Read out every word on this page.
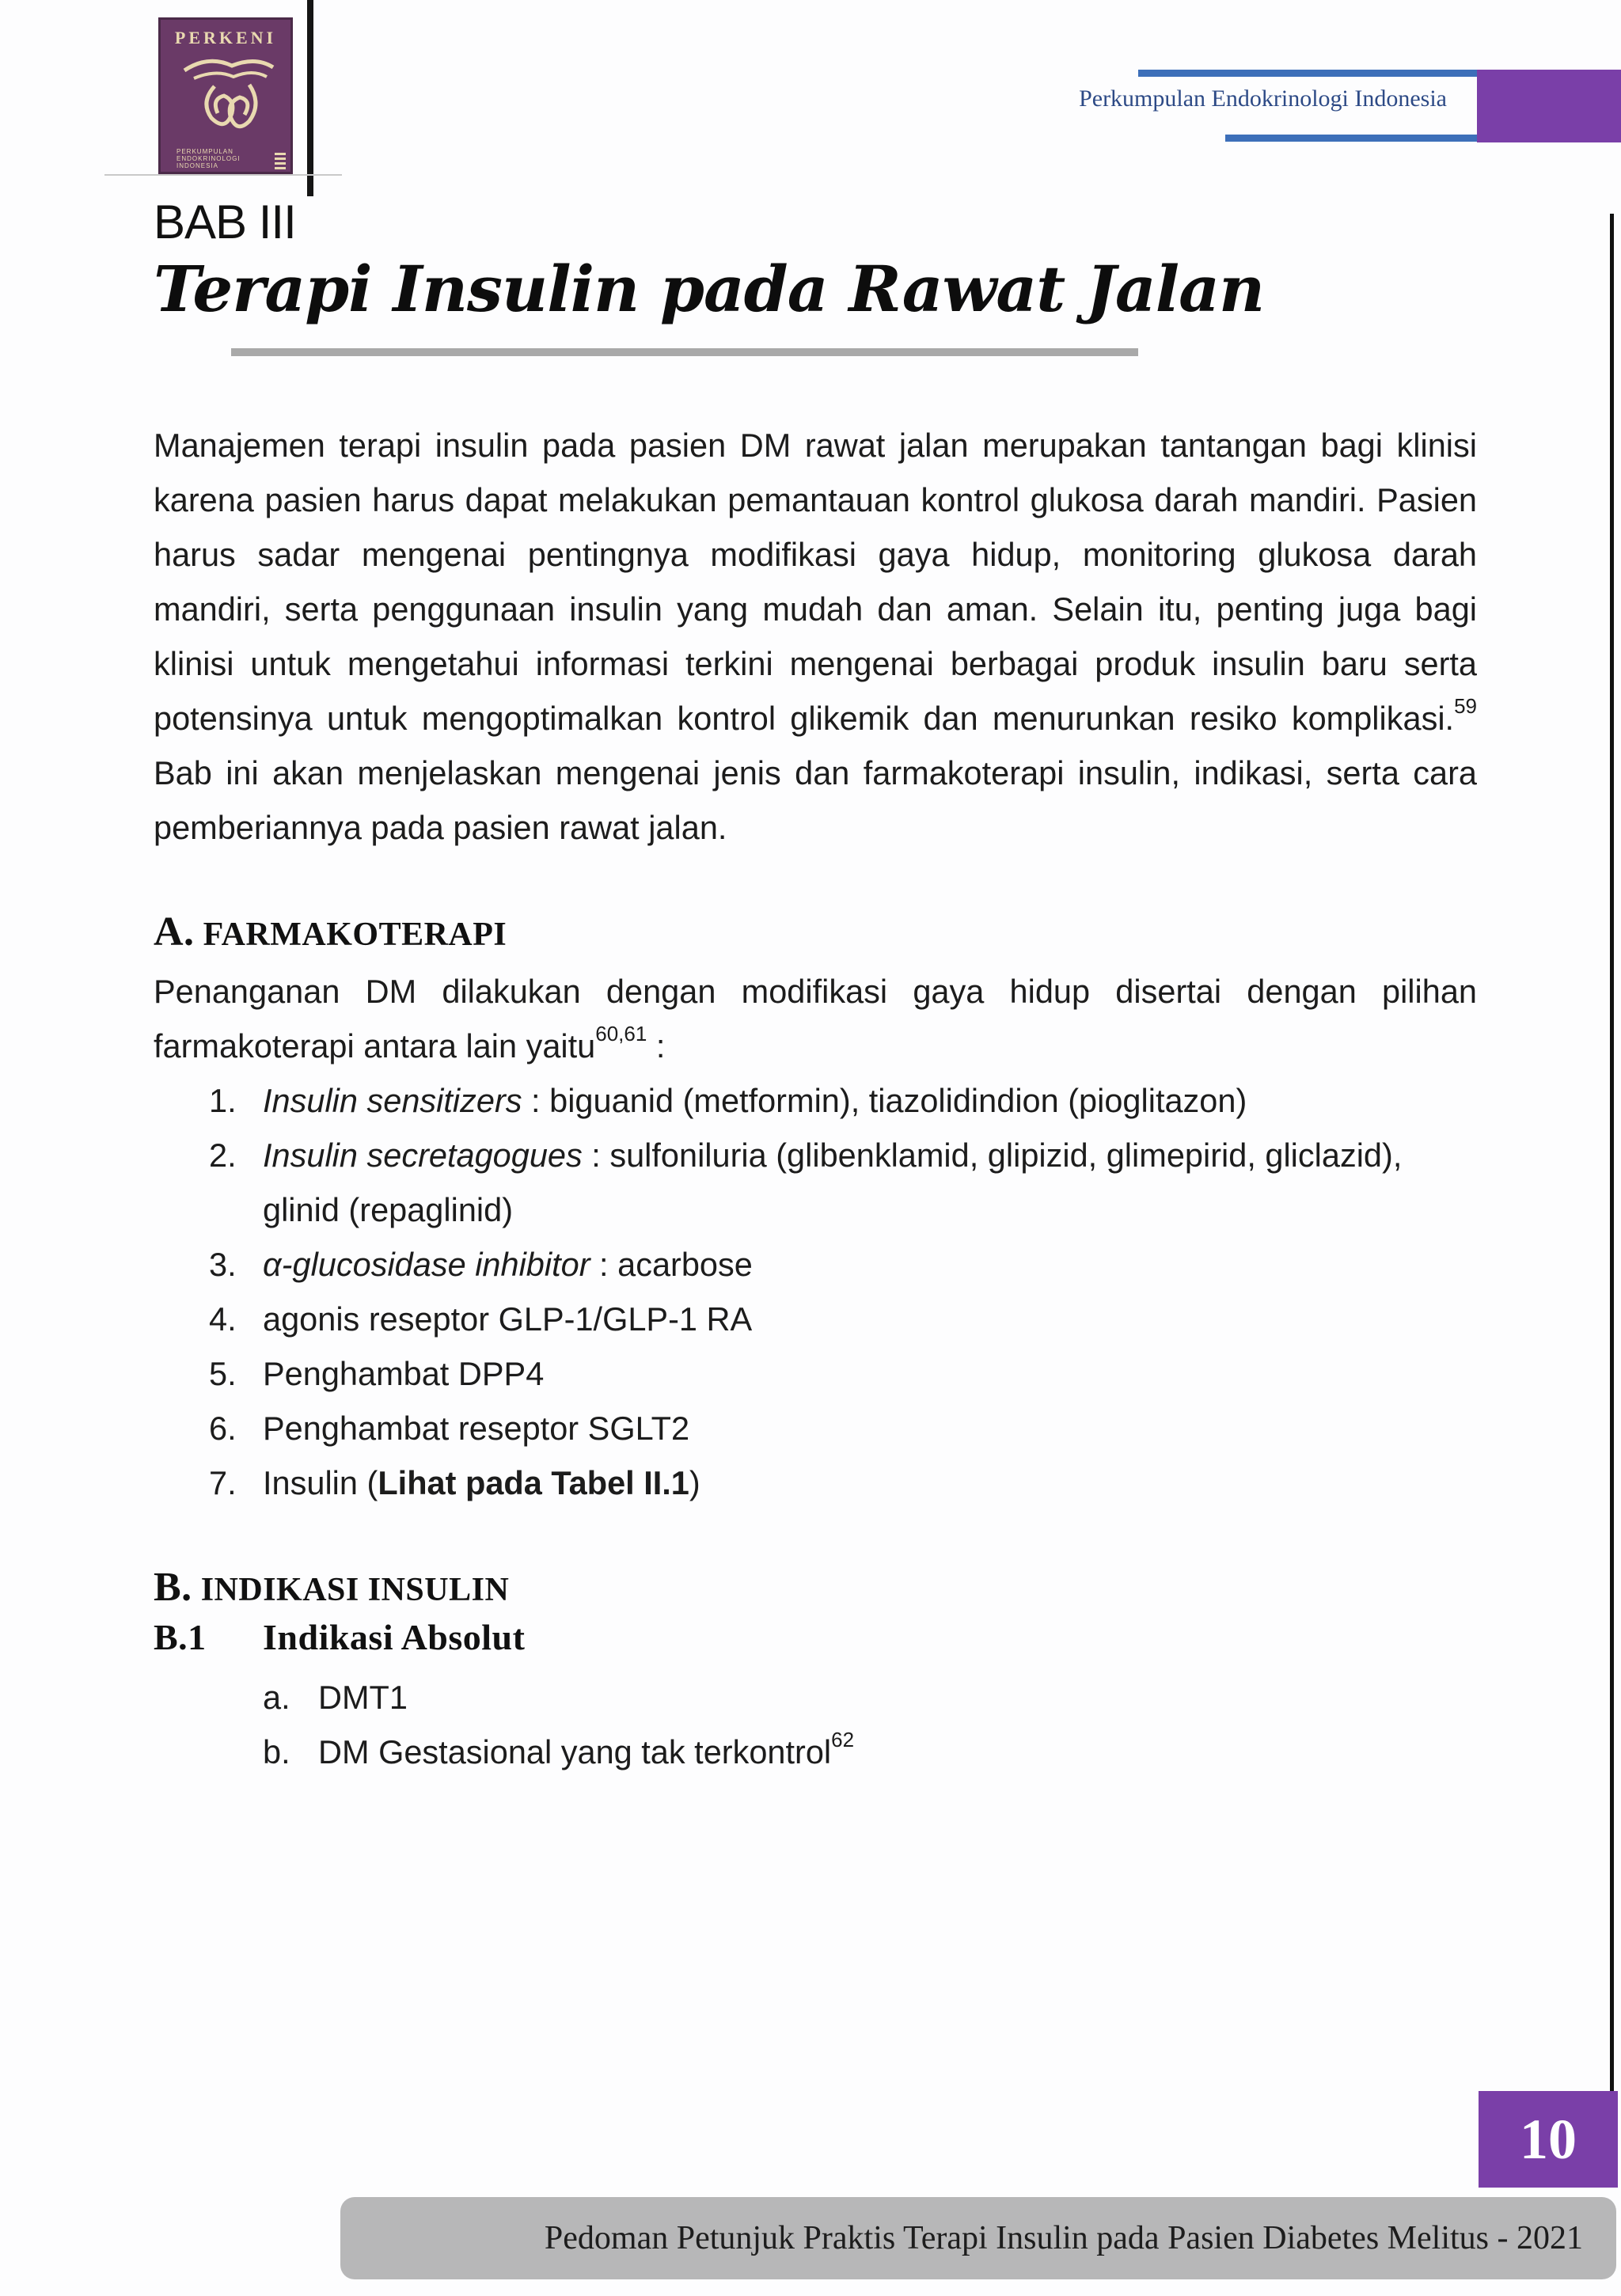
PERKENI
PERKUMPULAN
ENDOKRINOLOGI
INDONESIA
Perkumpulan Endokrinologi Indonesia
BAB III
Terapi Insulin pada Rawat Jalan
Manajemen terapi insulin pada pasien DM rawat jalan merupakan tantangan bagi klinisi karena pasien harus dapat melakukan pemantauan kontrol glukosa darah mandiri. Pasien harus sadar mengenai pentingnya modifikasi gaya hidup, monitoring glukosa darah mandiri, serta penggunaan insulin yang mudah dan aman. Selain itu, penting juga bagi klinisi untuk mengetahui informasi terkini mengenai berbagai produk insulin baru serta potensinya untuk mengoptimalkan kontrol glikemik dan menurunkan resiko komplikasi.$^{59}$ Bab ini akan menjelaskan mengenai jenis dan farmakoterapi insulin, indikasi, serta cara pemberiannya pada pasien rawat jalan.
A. FARMAKOTERAPI
Penanganan DM dilakukan dengan modifikasi gaya hidup disertai dengan pilihan farmakoterapi antara lain yaitu$^{60,61}$ :
1. Insulin sensitizers : biguanid (metformin), tiazolidindion (pioglitazon)
2. Insulin secretagogues : sulfoniluria (glibenklamid, glipizid, glimepirid, gliclazid), glinid (repaglinid)
3. α-glucosidase inhibitor : acarbose
4. agonis reseptor GLP-1/GLP-1 RA
5. Penghambat DPP4
6. Penghambat reseptor SGLT2
7. Insulin (Lihat pada Tabel II.1)
B. INDIKASI INSULIN
B.1 Indikasi Absolut
a. DMT1
b. DM Gestasional yang tak terkontrol$^{62}$
10
Pedoman Petunjuk Praktis Terapi Insulin pada Pasien Diabetes Melitus - 2021
